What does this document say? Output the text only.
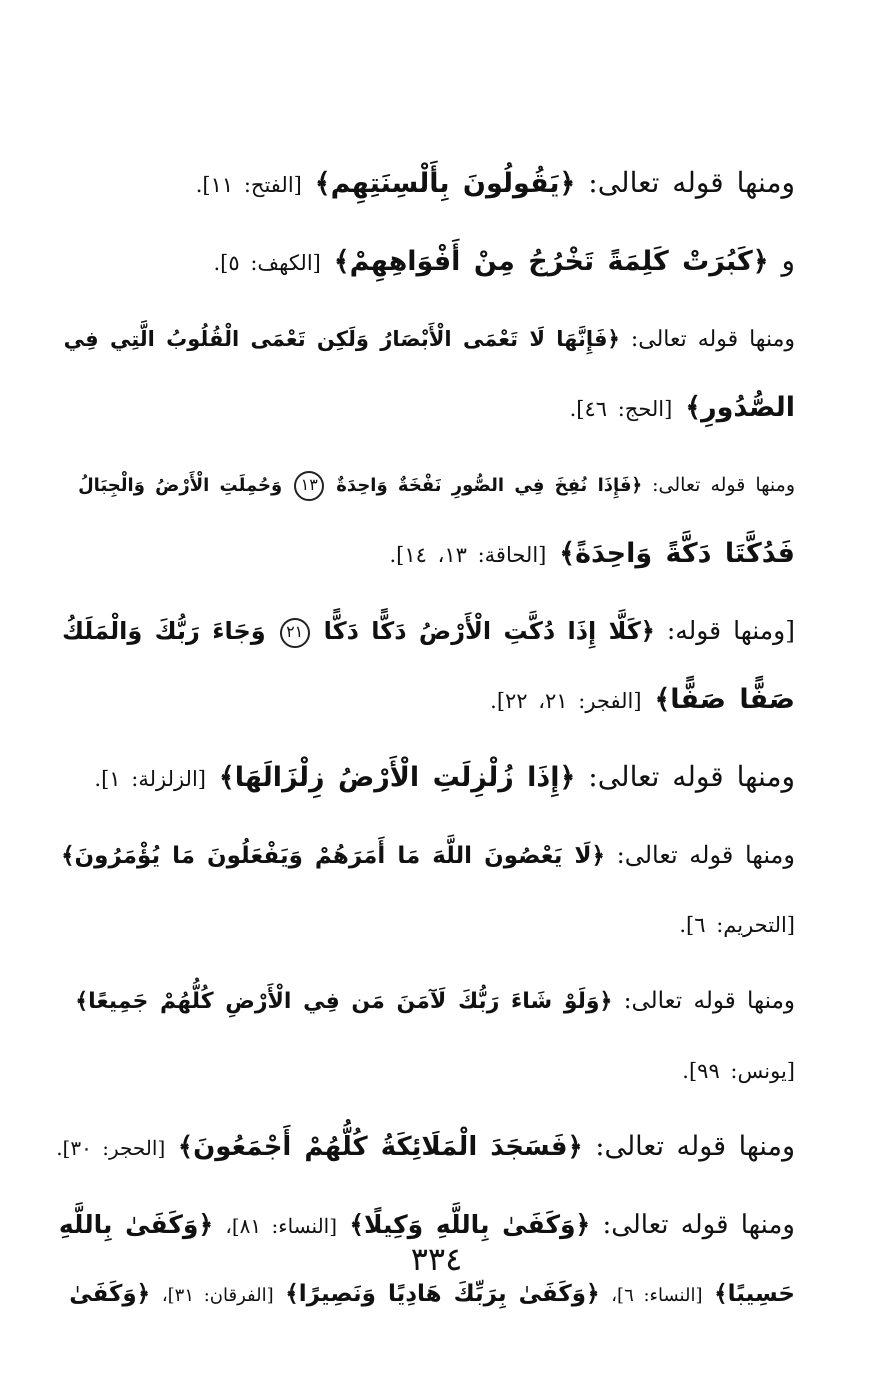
ومنها قوله تعالى: ﴿يَقُولُونَ بِأَلْسِنَتِهِم﴾ [الفتح: ١١].

و ﴿كَبُرَتْ كَلِمَةً تَخْرُجُ مِنْ أَفْوَاهِهِمْ﴾ [الكهف: ٥].

ومنها قوله تعالى: ﴿فَإِنَّهَا لَا تَعْمَى الْأَبْصَارُ وَلَكِن تَعْمَى الْقُلُوبُ الَّتِي فِي
الصُّدُورِ﴾ [الحج: ٤٦].

ومنها قوله تعالى: ﴿فَإِذَا نُفِخَ فِي الصُّورِ نَفْخَةٌ وَاحِدَةٌ ١٣ وَحُمِلَتِ الْأَرْضُ وَالْجِبَالُ
فَدُكَّتَا دَكَّةً وَاحِدَةً﴾ [الحاقة: ١٣، ١٤].

[ومنها قوله: ﴿كَلَّا إِذَا دُكَّتِ الْأَرْضُ دَكًّا دَكًّا ٢١ وَجَاءَ رَبُّكَ وَالْمَلَكُ
صَفًّا صَفًّا﴾ [الفجر: ٢١، ٢٢].

ومنها قوله تعالى: ﴿إِذَا زُلْزِلَتِ الْأَرْضُ زِلْزَالَهَا﴾ [الزلزلة: ١].

ومنها قوله تعالى: ﴿لَا يَعْصُونَ اللَّهَ مَا أَمَرَهُمْ وَيَفْعَلُونَ مَا يُؤْمَرُونَ﴾
[التحريم: ٦].

ومنها قوله تعالى: ﴿وَلَوْ شَاءَ رَبُّكَ لَآمَنَ مَن فِي الْأَرْضِ كُلُّهُمْ جَمِيعًا﴾
[يونس: ٩٩].

ومنها قوله تعالى: ﴿فَسَجَدَ الْمَلَائِكَةُ كُلُّهُمْ أَجْمَعُونَ﴾ [الحجر: ٣٠].

ومنها قوله تعالى: ﴿وَكَفَىٰ بِاللَّهِ وَكِيلًا﴾ [النساء: ٨١]، ﴿وَكَفَىٰ بِاللَّهِ
حَسِيبًا﴾ [النساء: ٦]، ﴿وَكَفَىٰ بِرَبِّكَ هَادِيًا وَنَصِيرًا﴾ [الفرقان: ٣١]، ﴿وَكَفَىٰ

٣٣٤
